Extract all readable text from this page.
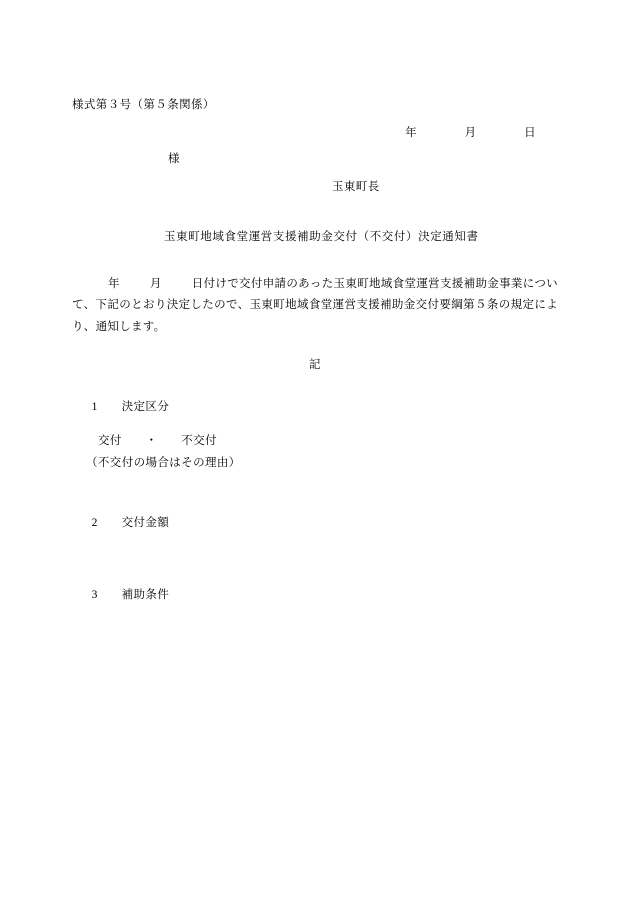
様式第３号（第５条関係）
年　　　　月　　　　日
様
玉東町長
玉東町地域食堂運営支援補助金交付（不交付）決定通知書
年	月	日付けで交付申請のあった玉東町地域食堂運営支援補助金事業について、下記のとおり決定したので、玉東町地域食堂運営支援補助金交付要綱第５条の規定により、通知します。
記

1　　 決定区分

交付　　・　　不交付
（不交付の場合はその理由）

2　　 交付金額

3　　 補助条件
